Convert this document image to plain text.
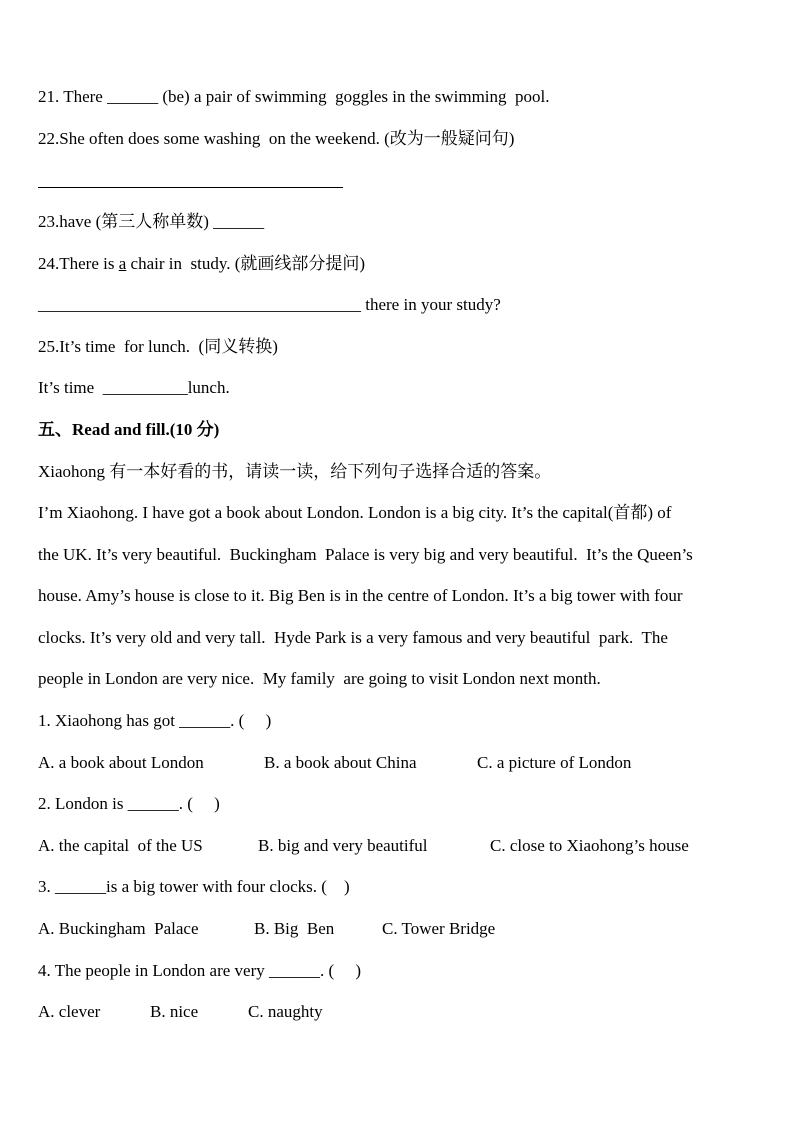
21. There ______ (be) a pair of swimming  goggles in the swimming  pool.
22.She often does some washing  on the weekend. (改为一般疑问句)
23.have (第三人称单数) ______
24.There is a chair in  study. (就画线部分提问)
______________________________________ there in your study?
25.It’s time  for lunch.  (同义转换)
It’s time  __________lunch.
五、Read and fill.(10 分)
Xiaohong 有一本好看的书，请读一读，给下列句子选择合适的答案。
I’m Xiaohong. I have got a book about London. London is a big city. It’s the capital(首都) of
the UK. It’s very beautiful.  Buckingham  Palace is very big and very beautiful.  It’s the Queen’s
house. Amy’s house is close to it. Big Ben is in the centre of London. It’s a big tower with four
clocks. It’s very old and very tall.  Hyde Park is a very famous and very beautiful  park.  The
people in London are very nice.  My family  are going to visit London next month.
1. Xiaohong has got ______. (     )
A. a book about London	B. a book about China	C. a picture of London
2. London is ______. (     )
A. the capital  of the US	B. big and very beautiful	C. close to Xiaohong’s house
3. ______is a big tower with four clocks. (    )
A. Buckingham  Palace	B. Big  Ben	C. Tower Bridge
4. The people in London are very ______. (     )
A. clever	B. nice	C. naughty
